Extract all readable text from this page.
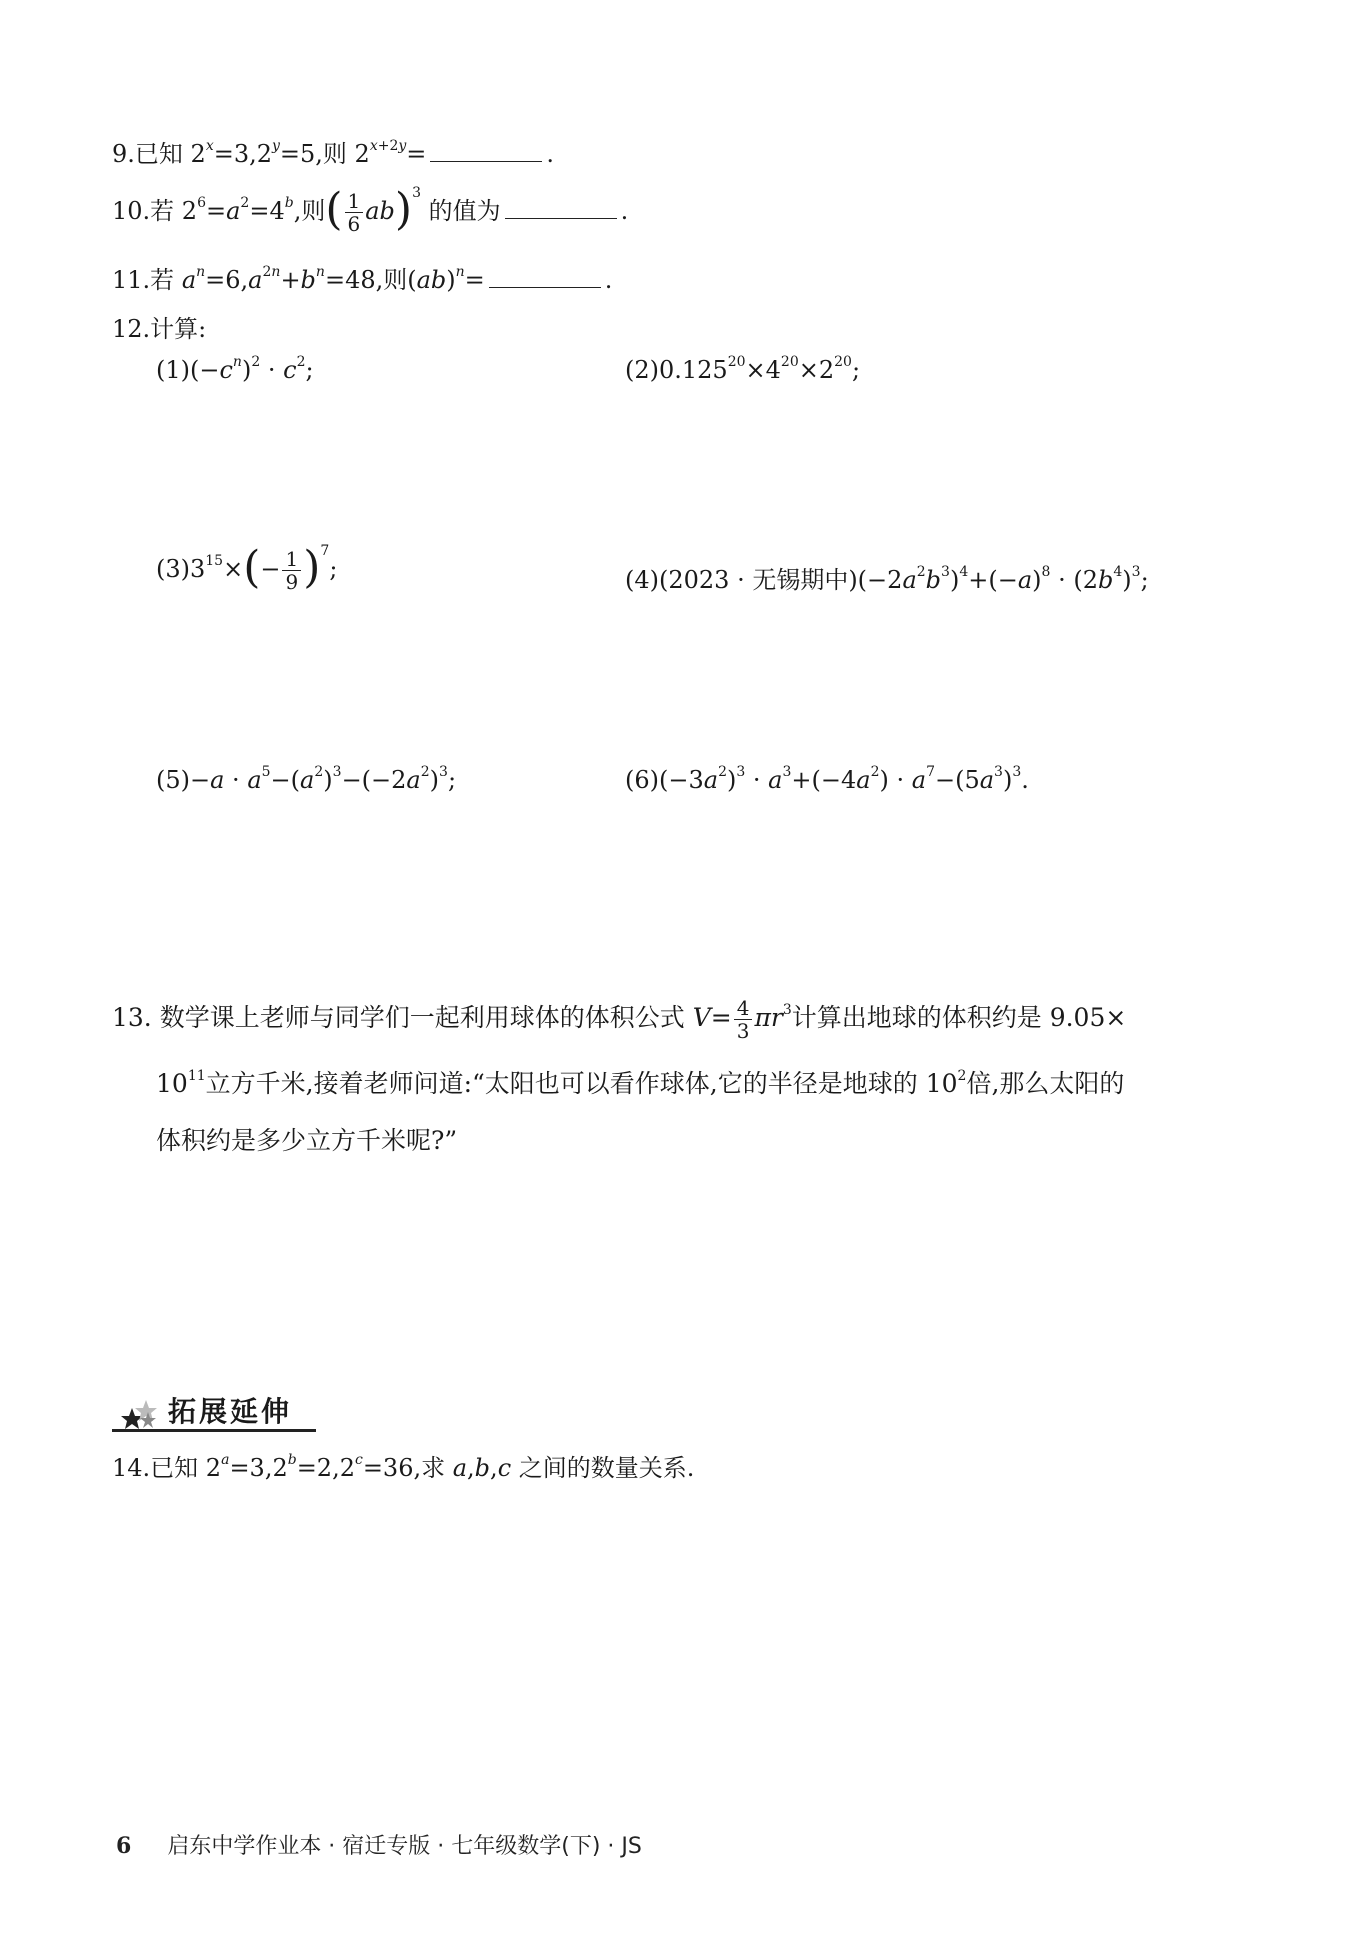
9.已知 $2^x=3,2^y=5$,则 $2^{x+2y}=$	.
10.若 $2^6=a^2=4^b$,则( $\frac{1}{6} ab)^3$ 的值为	.
11.若 $a^n=6,a^{2n}+b^n=48$,则(ab)$^n$=	.
12.计算:
$(1)(-c^n)^2 \cdot c^2$;	$(2)0.125^{20}\times 4^{20}\times 2^{20}$;
$(3)3^{15}\times(- \frac{1}{9} )^7$;	(4)(2023 · 无锡期中)$(-2a^2b^3)^4+(-a)^8 \cdot (2b^4)^3$;
$(5)-a \cdot a^5-(a^2)^3-(-2a^2)^3$;	$(6)(-3a^2)^3 \cdot a^3+(-4a^2) \cdot a^7-(5a^3)^3$.
13. 数学课上老师与同学们一起利用球体的体积公式 $V= \frac{4}{3} \pi r^3$计算出地球的体积约是 9.05×
$10^{11}$立方千米,接着老师问道:“太阳也可以看作球体,它的半径是地球的 $10^2$倍,那么太阳的
体积约是多少立方千米呢?”
拓展延伸
14.已知 $2^a=3,2^b=2,2^c=36$,求 a,b,c 之间的数量关系.
6 启东中学作业本 · 宿迁专版 · 七年级数学(下) · JS
